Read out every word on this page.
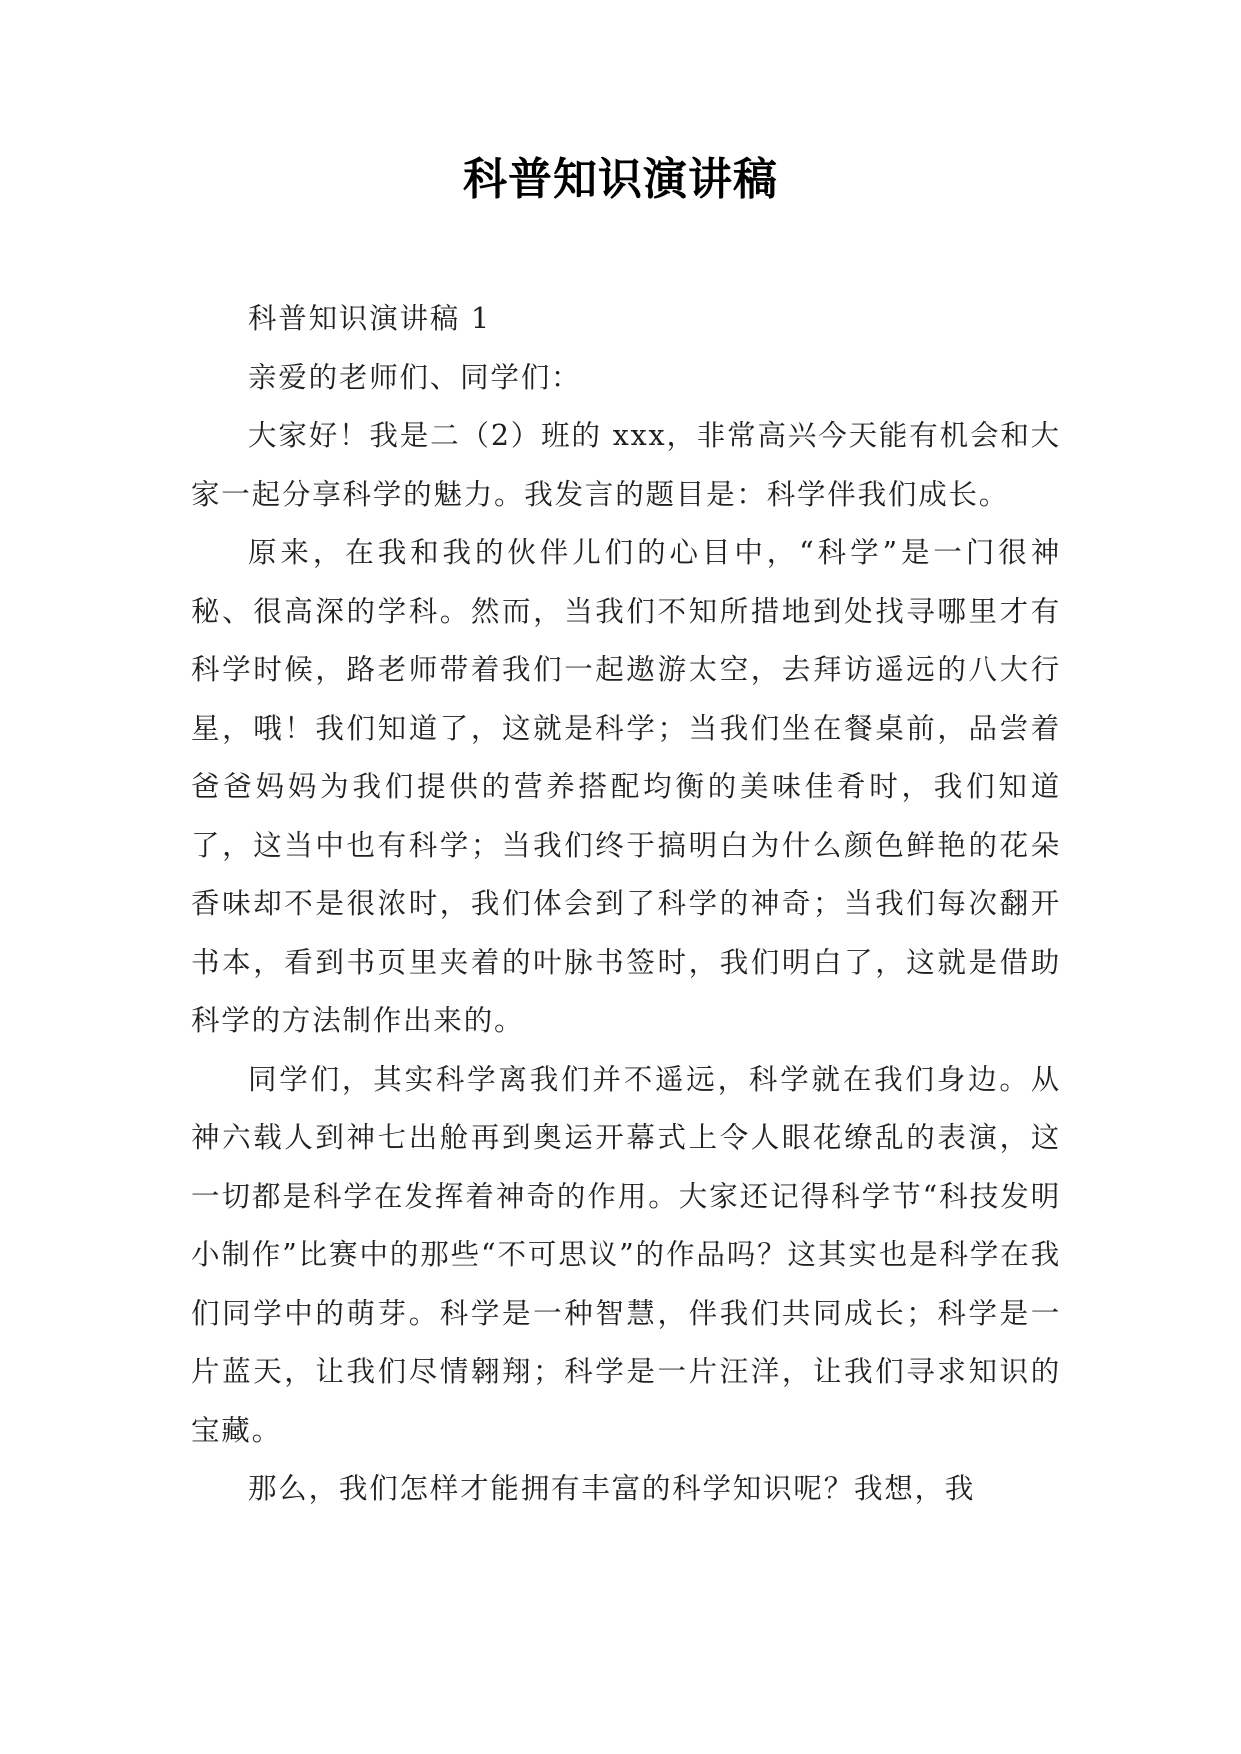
科普知识演讲稿

科普知识演讲稿 1

亲爱的老师们、同学们：

大家好！我是二（2）班的 xxx，非常高兴今天能有机会和大家一起分享科学的魅力。我发言的题目是：科学伴我们成长。

原来，在我和我的伙伴儿们的心目中，“科学”是一门很神秘、很高深的学科。然而，当我们不知所措地到处找寻哪里才有科学时候，路老师带着我们一起遨游太空，去拜访遥远的八大行星，哦！我们知道了，这就是科学；当我们坐在餐桌前，品尝着爸爸妈妈为我们提供的营养搭配均衡的美味佳肴时，我们知道了，这当中也有科学；当我们终于搞明白为什么颜色鲜艳的花朵香味却不是很浓时，我们体会到了科学的神奇；当我们每次翻开书本，看到书页里夹着的叶脉书签时，我们明白了，这就是借助科学的方法制作出来的。

同学们，其实科学离我们并不遥远，科学就在我们身边。从神六载人到神七出舱再到奥运开幕式上令人眼花缭乱的表演，这一切都是科学在发挥着神奇的作用。大家还记得科学节“科技发明小制作”比赛中的那些“不可思议”的作品吗？这其实也是科学在我们同学中的萌芽。科学是一种智慧，伴我们共同成长；科学是一片蓝天，让我们尽情翱翔；科学是一片汪洋，让我们寻求知识的宝藏。

那么，我们怎样才能拥有丰富的科学知识呢？我想，我
